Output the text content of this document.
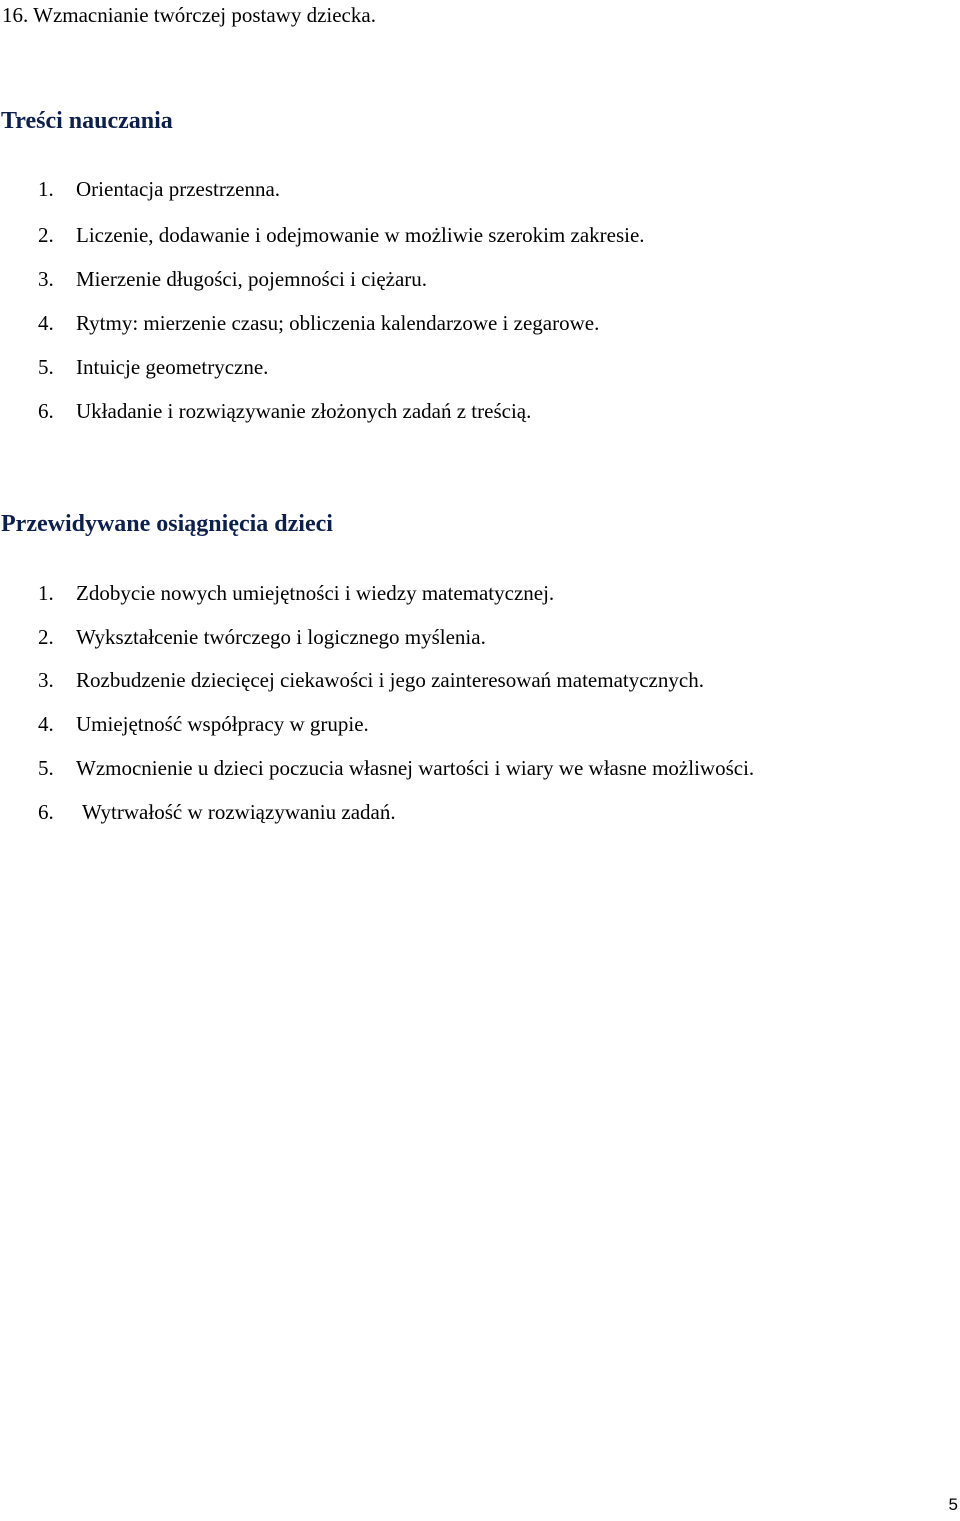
16. Wzmacnianie twórczej postawy dziecka.
Treści nauczania
1. Orientacja przestrzenna.
2. Liczenie, dodawanie i odejmowanie w możliwie szerokim zakresie.
3. Mierzenie długości, pojemności i ciężaru.
4. Rytmy: mierzenie czasu; obliczenia kalendarzowe i zegarowe.
5. Intuicje geometryczne.
6. Układanie i rozwiązywanie złożonych zadań z treścią.
Przewidywane osiągnięcia dzieci
1. Zdobycie nowych umiejętności i wiedzy matematycznej.
2. Wykształcenie twórczego i logicznego myślenia.
3. Rozbudzenie dziecięcej ciekawości i jego zainteresowań matematycznych.
4. Umiejętność współpracy w grupie.
5. Wzmocnienie u dzieci poczucia własnej wartości i wiary we własne możliwości.
6. Wytrwałość w rozwiązywaniu zadań.
5
